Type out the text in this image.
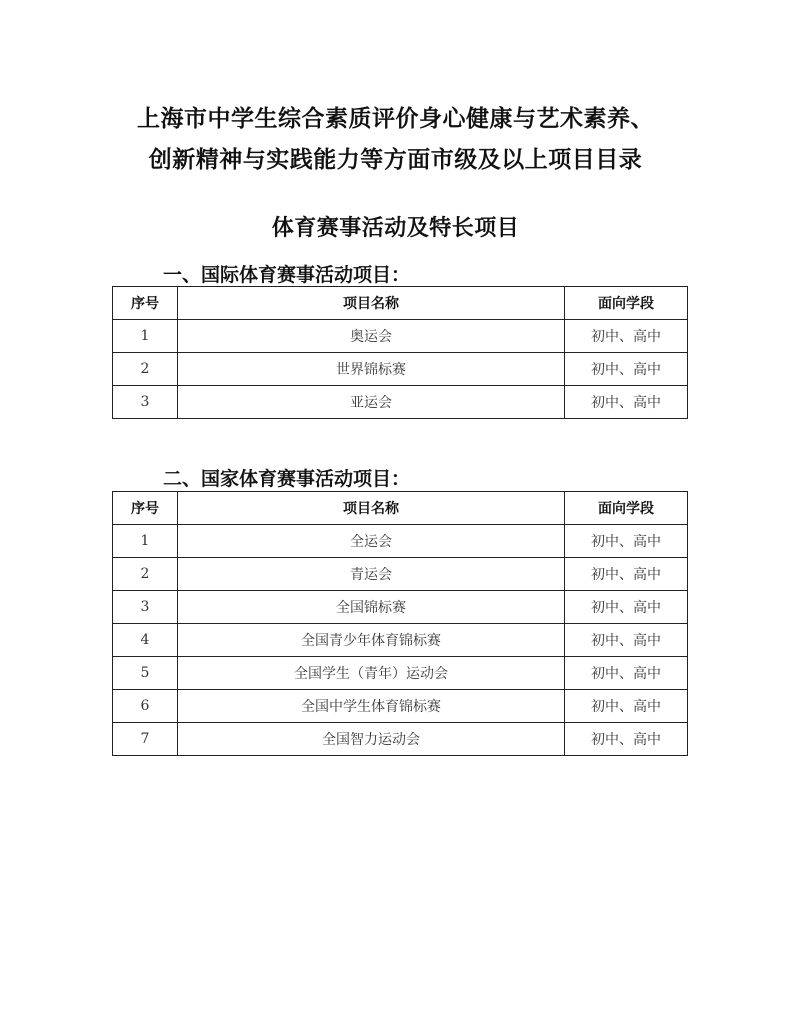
上海市中学生综合素质评价身心健康与艺术素养、
创新精神与实践能力等方面市级及以上项目目录
体育赛事活动及特长项目
一、国际体育赛事活动项目：
序号	项目名称	面向学段
1	奥运会	初中、高中
2	世界锦标赛	初中、高中
3	亚运会	初中、高中
二、国家体育赛事活动项目：
序号	项目名称	面向学段
1	全运会	初中、高中
2	青运会	初中、高中
3	全国锦标赛	初中、高中
4	全国青少年体育锦标赛	初中、高中
5	全国学生（青年）运动会	初中、高中
6	全国中学生体育锦标赛	初中、高中
7	全国智力运动会	初中、高中
